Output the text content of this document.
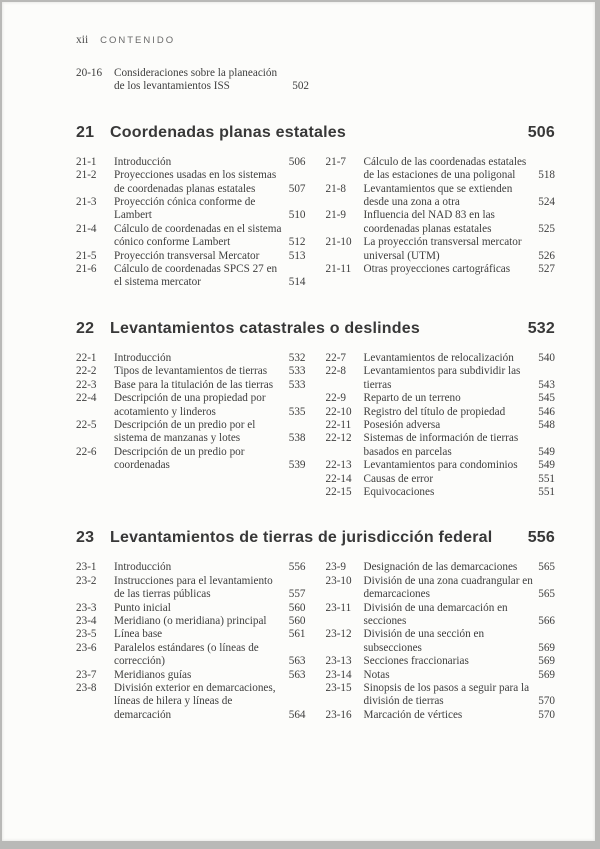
xii CONTENIDO
20-16	Consideraciones sobre la planeación de los levantamientos ISS	502
21 Coordenadas planas estatales	506
21-1	Introducción	506
21-2	Proyecciones usadas en los sistemas de coordenadas planas estatales	507
21-3	Proyección cónica conforme de Lambert	510
21-4	Cálculo de coordenadas en el sistema cónico conforme Lambert	512
21-5	Proyección transversal Mercator	513
21-6	Cálculo de coordenadas SPCS 27 en el sistema mercator	514
21-7	Cálculo de las coordenadas estatales de las estaciones de una poligonal	518
21-8	Levantamientos que se extienden desde una zona a otra	524
21-9	Influencia del NAD 83 en las coordenadas planas estatales	525
21-10	La proyección transversal mercator universal (UTM)	526
21-11	Otras proyecciones cartográficas	527
22 Levantamientos catastrales o deslindes	532
22-1	Introducción	532
22-2	Tipos de levantamientos de tierras	533
22-3	Base para la titulación de las tierras	533
22-4	Descripción de una propiedad por acotamiento y linderos	535
22-5	Descripción de un predio por el sistema de manzanas y lotes	538
22-6	Descripción de un predio por coordenadas	539
22-7	Levantamientos de relocalización	540
22-8	Levantamientos para subdividir las tierras	543
22-9	Reparto de un terreno	545
22-10	Registro del título de propiedad	546
22-11	Posesión adversa	548
22-12	Sistemas de información de tierras basados en parcelas	549
22-13	Levantamientos para condominios	549
22-14	Causas de error	551
22-15	Equivocaciones	551
23 Levantamientos de tierras de jurisdicción federal	556
23-1	Introducción	556
23-2	Instrucciones para el levantamiento de las tierras públicas	557
23-3	Punto inicial	560
23-4	Meridiano (o meridiana) principal	560
23-5	Línea base	561
23-6	Paralelos estándares (o líneas de corrección)	563
23-7	Meridianos guías	563
23-8	División exterior en demarcaciones, líneas de hilera y líneas de demarcación	564
23-9	Designación de las demarcaciones	565
23-10	División de una zona cuadrangular en demarcaciones	565
23-11	División de una demarcación en secciones	566
23-12	División de una sección en subsecciones	569
23-13	Secciones fraccionarias	569
23-14	Notas	569
23-15	Sinopsis de los pasos a seguir para la división de tierras	570
23-16	Marcación de vértices	570
